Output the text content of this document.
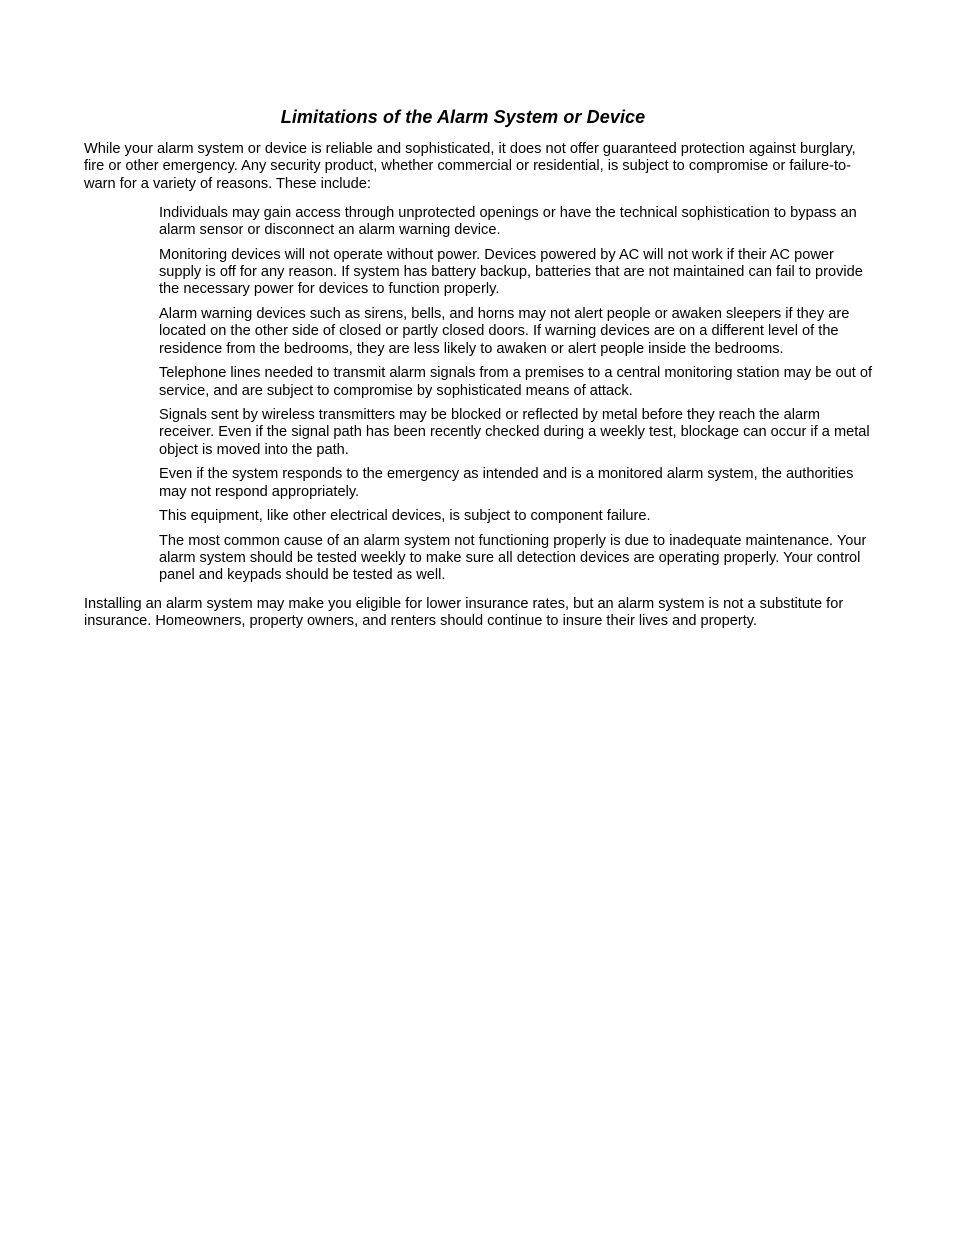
Limitations of the Alarm System or Device

While your alarm system or device is reliable and sophisticated, it does not offer guaranteed protection against burglary, fire or other emergency. Any security product, whether commercial or residential, is subject to compromise or failure-to-warn for a variety of reasons. These include:

Individuals may gain access through unprotected openings or have the technical sophistication to bypass an alarm sensor or disconnect an alarm warning device.
Monitoring devices will not operate without power. Devices powered by AC will not work if their AC power supply is off for any reason. If system has battery backup, batteries that are not maintained can fail to provide the necessary power for devices to function properly.
Alarm warning devices such as sirens, bells, and horns may not alert people or awaken sleepers if they are located on the other side of closed or partly closed doors. If warning devices are on a different level of the residence from the bedrooms, they are less likely to awaken or alert people inside the bedrooms.
Telephone lines needed to transmit alarm signals from a premises to a central monitoring station may be out of service, and are subject to compromise by sophisticated means of attack.
Signals sent by wireless transmitters may be blocked or reflected by metal before they reach the alarm receiver. Even if the signal path has been recently checked during a weekly test, blockage can occur if a metal object is moved into the path.
Even if the system responds to the emergency as intended and is a monitored alarm system, the authorities may not respond appropriately.
This equipment, like other electrical devices, is subject to component failure.
The most common cause of an alarm system not functioning properly is due to inadequate maintenance. Your alarm system should be tested weekly to make sure all detection devices are operating properly. Your control panel and keypads should be tested as well.

Installing an alarm system may make you eligible for lower insurance rates, but an alarm system is not a substitute for insurance. Homeowners, property owners, and renters should continue to insure their lives and property.
